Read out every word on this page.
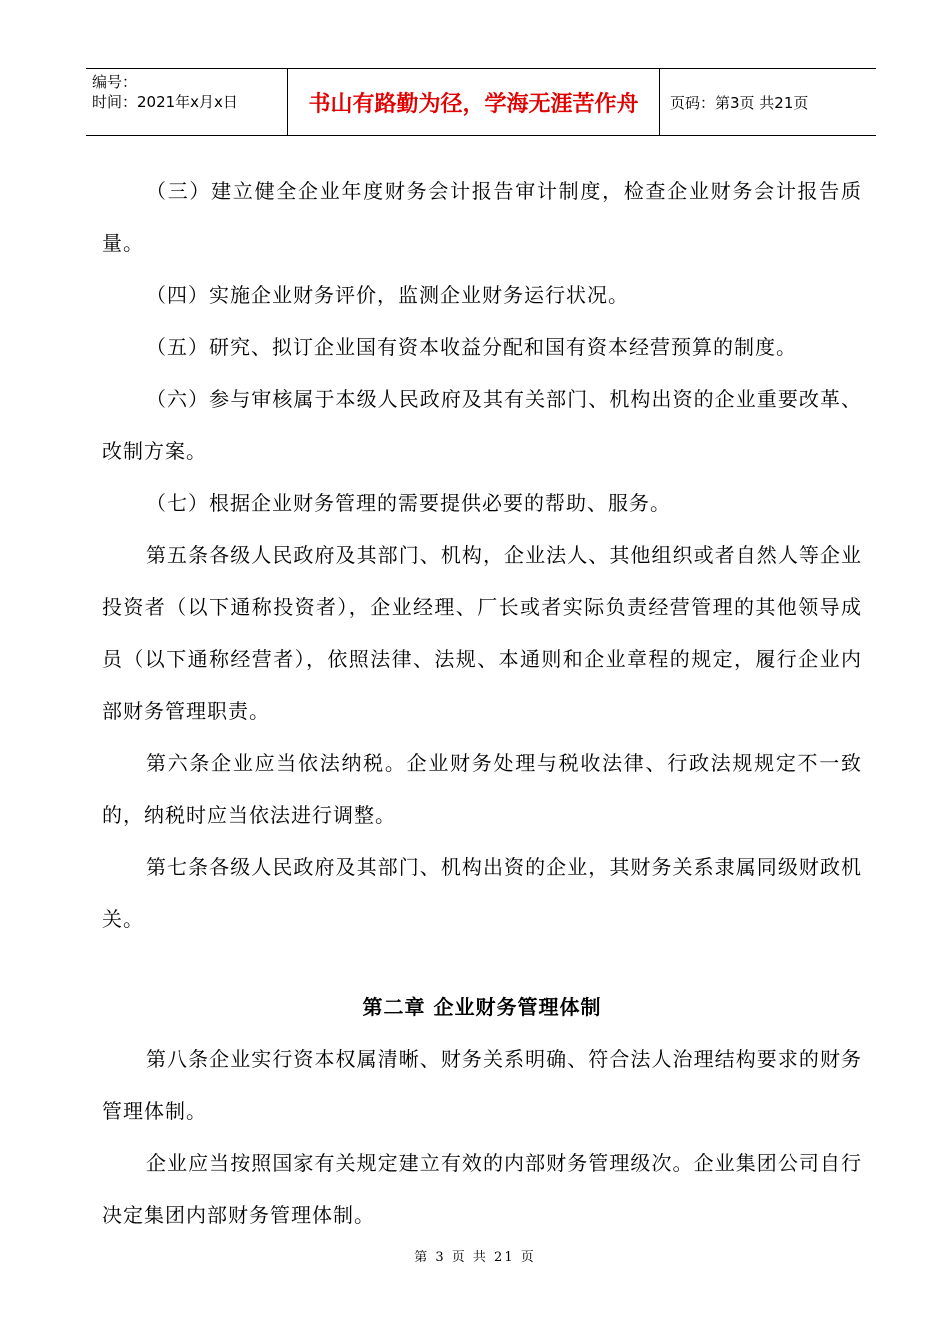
编号：
时间：2021年x月x日	书山有路勤为径，学海无涯苦作舟	页码：第3页 共21页

（三）建立健全企业年度财务会计报告审计制度，检查企业财务会计报告质量。

（四）实施企业财务评价，监测企业财务运行状况。

（五）研究、拟订企业国有资本收益分配和国有资本经营预算的制度。

（六）参与审核属于本级人民政府及其有关部门、机构出资的企业重要改革、改制方案。

（七）根据企业财务管理的需要提供必要的帮助、服务。

第五条各级人民政府及其部门、机构，企业法人、其他组织或者自然人等企业投资者（以下通称投资者），企业经理、厂长或者实际负责经营管理的其他领导成员（以下通称经营者），依照法律、法规、本通则和企业章程的规定，履行企业内部财务管理职责。

第六条企业应当依法纳税。企业财务处理与税收法律、行政法规规定不一致的，纳税时应当依法进行调整。

第七条各级人民政府及其部门、机构出资的企业，其财务关系隶属同级财政机关。

第二章 企业财务管理体制

第八条企业实行资本权属清晰、财务关系明确、符合法人治理结构要求的财务管理体制。

企业应当按照国家有关规定建立有效的内部财务管理级次。企业集团公司自行决定集团内部财务管理体制。

第 3 页 共 21 页
